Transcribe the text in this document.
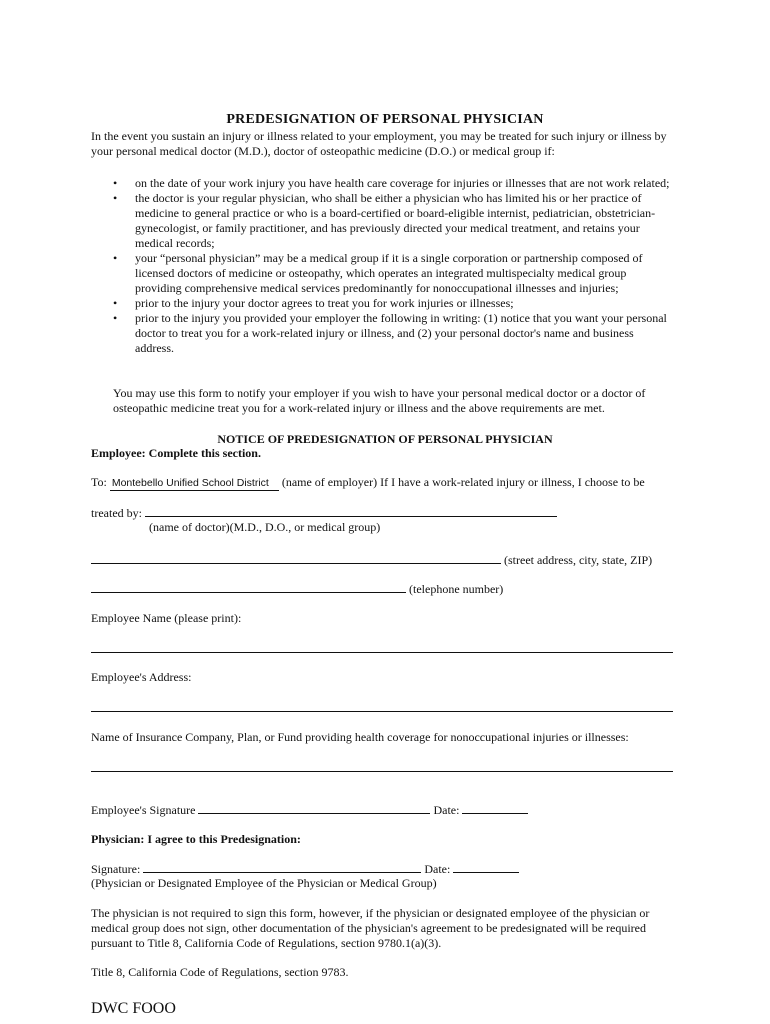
PREDESIGNATION OF PERSONAL PHYSICIAN
In the event you sustain an injury or illness related to your employment, you may be treated for such injury or illness by your personal medical doctor (M.D.), doctor of osteopathic medicine (D.O.) or medical group if:
• on the date of your work injury you have health care coverage for injuries or illnesses that are not work related;
• the doctor is your regular physician, who shall be either a physician who has limited his or her practice of medicine to general practice or who is a board-certified or board-eligible internist, pediatrician, obstetrician-gynecologist, or family practitioner, and has previously directed your medical treatment, and retains your medical records;
• your “personal physician” may be a medical group if it is a single corporation or partnership composed of licensed doctors of medicine or osteopathy, which operates an integrated multispecialty medical group providing comprehensive medical services predominantly for nonoccupational illnesses and injuries;
• prior to the injury your doctor agrees to treat you for work injuries or illnesses;
• prior to the injury you provided your employer the following in writing: (1) notice that you want your personal doctor to treat you for a work-related injury or illness, and (2) your personal doctor's name and business address.
You may use this form to notify your employer if you wish to have your personal medical doctor or a doctor of osteopathic medicine treat you for a work-related injury or illness and the above requirements are met.
NOTICE OF PREDESIGNATION OF PERSONAL PHYSICIAN
Employee: Complete this section.
To: Montebello Unified School District (name of employer) If I have a work-related injury or illness, I choose to be
treated by:
(name of doctor)(M.D., D.O., or medical group)
(street address, city, state, ZIP)
(telephone number)
Employee Name (please print):
Employee's Address:
Name of Insurance Company, Plan, or Fund providing health coverage for nonoccupational injuries or illnesses:
Employee's Signature	Date:
Physician: I agree to this Predesignation:
Signature:	Date:
(Physician or Designated Employee of the Physician or Medical Group)
The physician is not required to sign this form, however, if the physician or designated employee of the physician or medical group does not sign, other documentation of the physician's agreement to be predesignated will be required pursuant to Title 8, California Code of Regulations, section 9780.1(a)(3).
Title 8, California Code of Regulations, section 9783.
DWC FOOO
